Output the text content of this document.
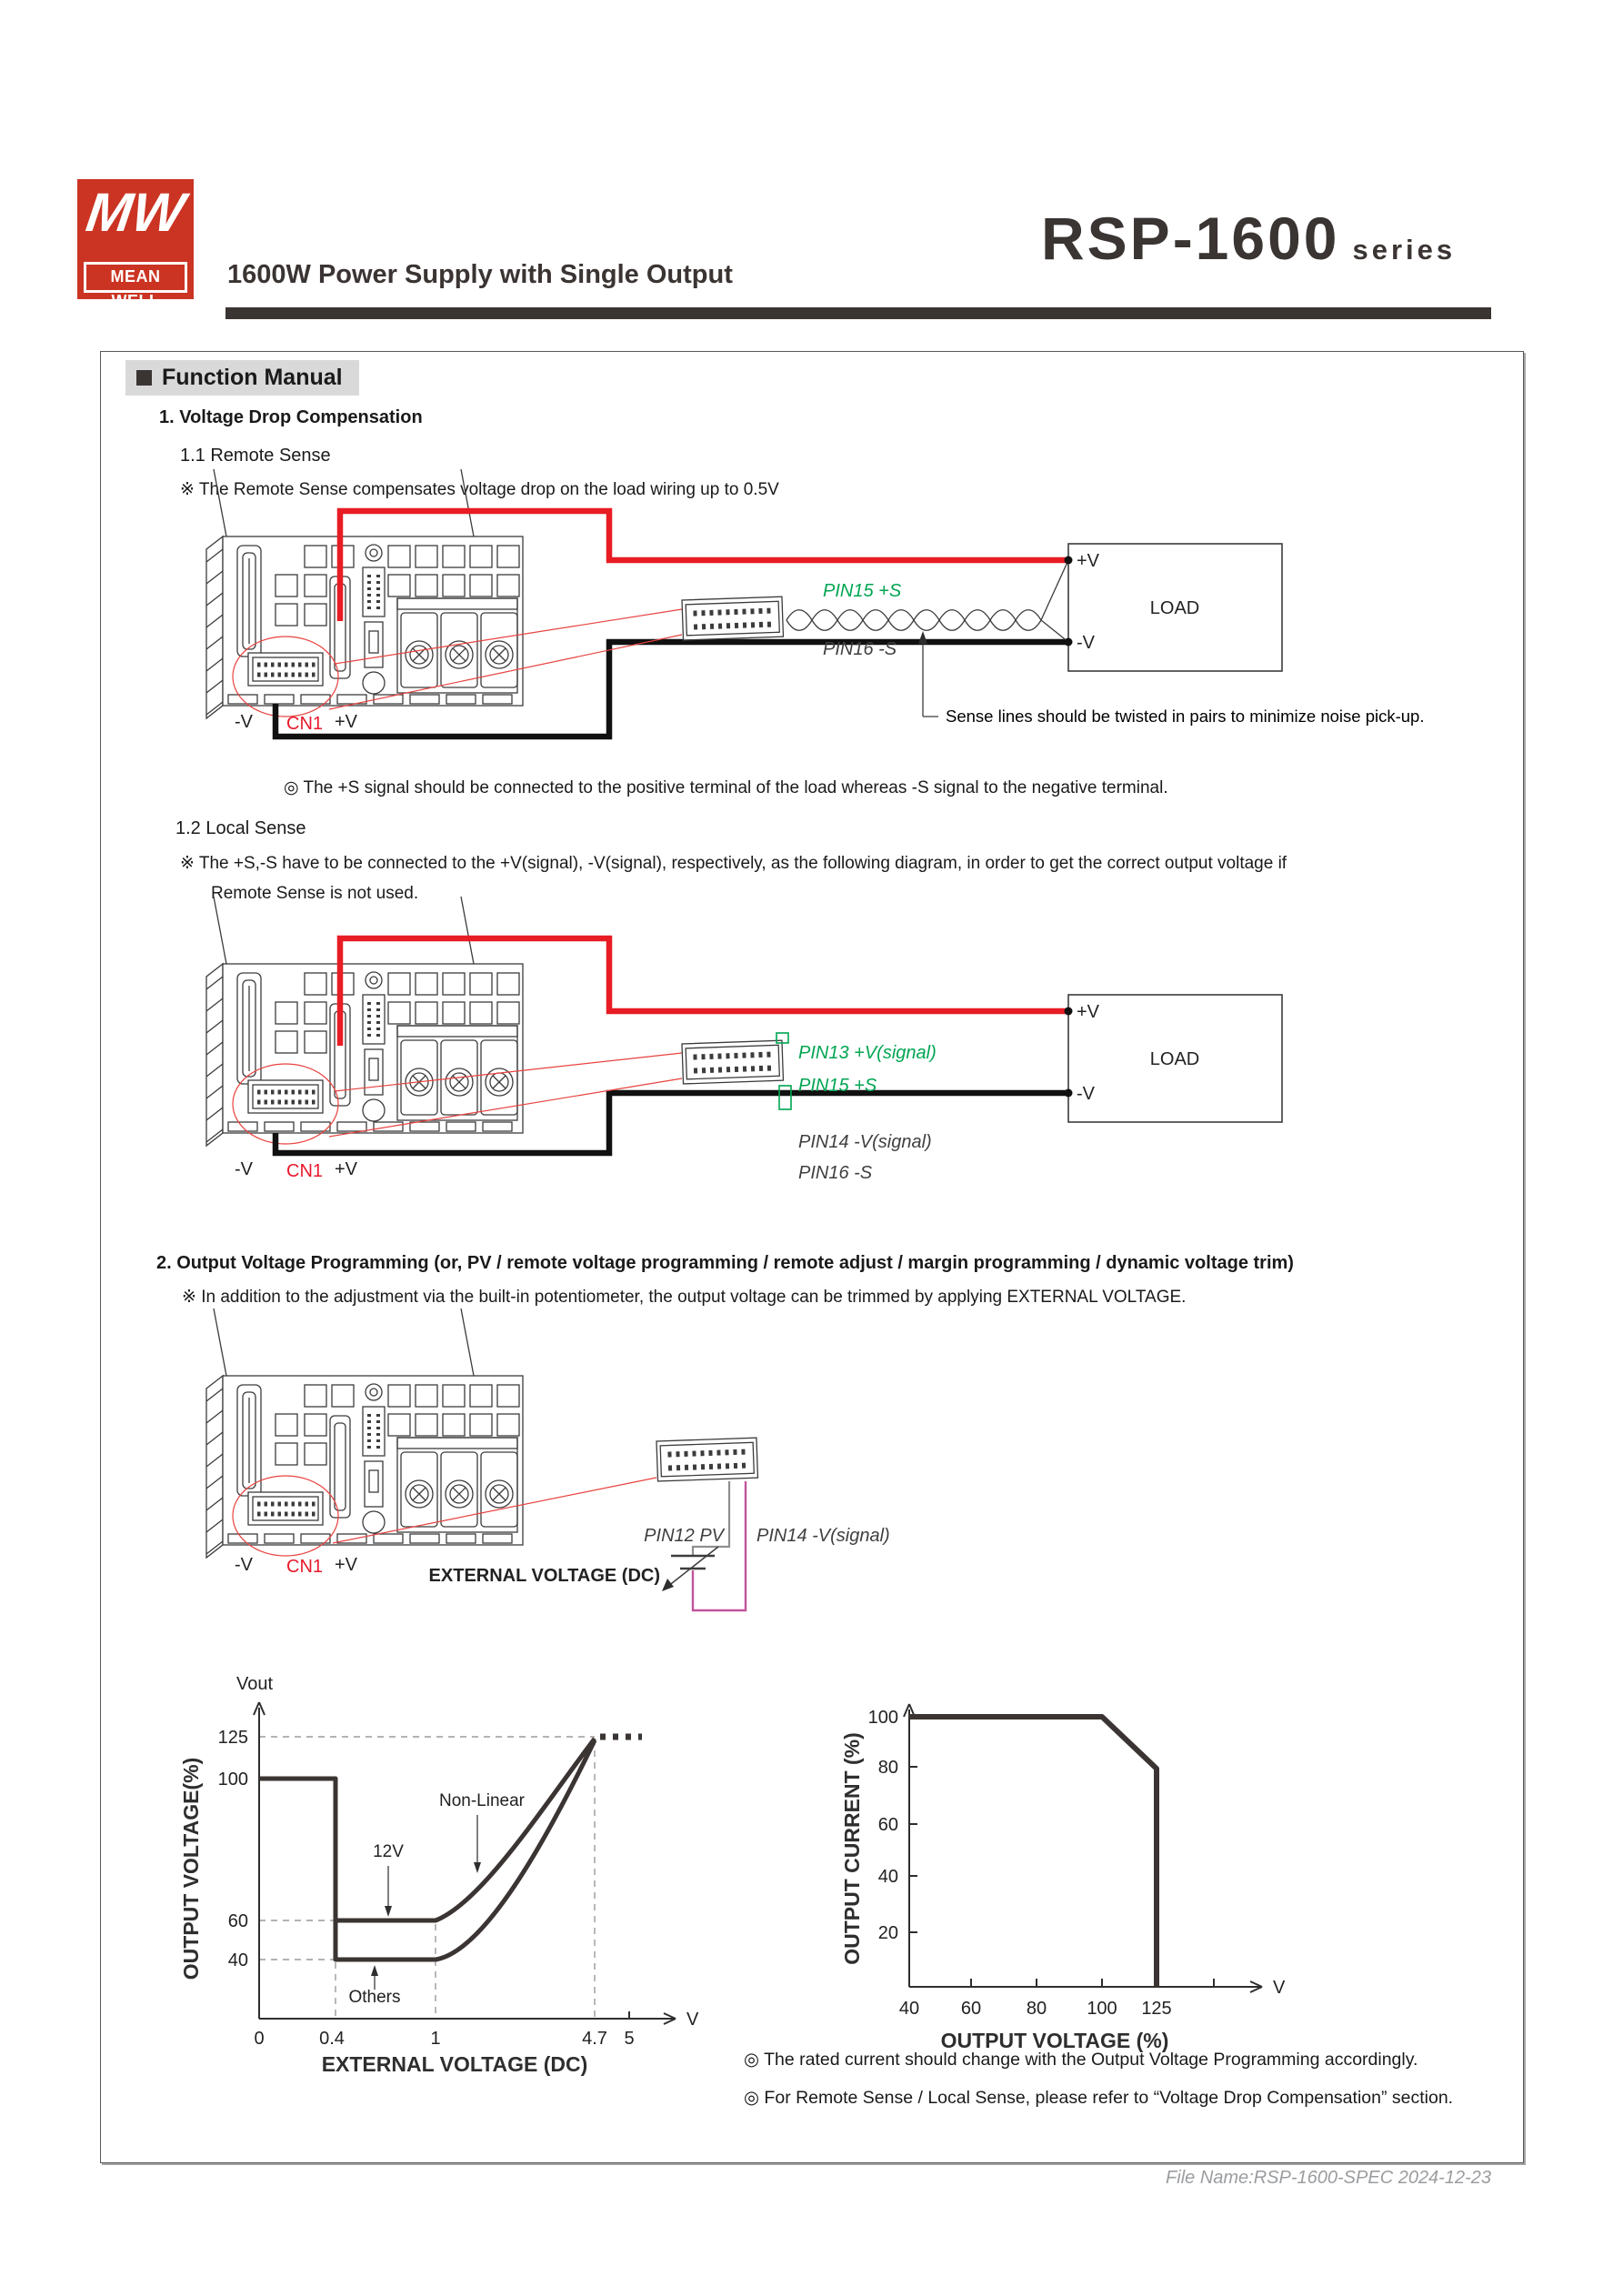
MW
MEAN WELL
1600W Power Supply with Single Output
RSP-1600 series
Function Manual
1. Voltage Drop Compensation
1.1 Remote Sense
※ The Remote Sense compensates voltage drop on the load wiring up to 0.5V
PIN15 +S
PIN16 -S
LOAD
+V
-V
-V CN1 +V	Sense lines should be twisted in pairs to minimize noise pick-up.
◎ The +S signal should be connected to the positive terminal of the load whereas -S signal to the negative terminal.
1.2 Local Sense
※ The +S,-S have to be connected to the +V(signal), -V(signal), respectively, as the following diagram, in order to get the correct output voltage if
Remote Sense is not used.
PIN13 +V(signal)
PIN15 +S
PIN14 -V(signal)
PIN16 -S
LOAD
+V
-V
-V CN1 +V
2. Output Voltage Programming (or, PV / remote voltage programming / remote adjust / margin programming / dynamic voltage trim)
※ In addition to the adjustment via the built-in potentiometer, the output voltage can be trimmed by applying EXTERNAL VOLTAGE.
PIN12 PV PIN14 -V(signal)
EXTERNAL VOLTAGE (DC)
-V CN1 +V
Vout
125
100
60
40
0	0.4	1	4.7 5
V
Non-Linear
12V
Others
OUTPUT VOLTAGE(%)
EXTERNAL VOLTAGE (DC)
100
80
60
40
20
40 60 80 100 125
V
OUTPUT CURRENT (%)
OUTPUT VOLTAGE (%)
◎ The rated current should change with the Output Voltage Programming accordingly.
◎ For Remote Sense / Local Sense, please refer to “Voltage Drop Compensation” section.
File Name:RSP-1600-SPEC 2024-12-23
